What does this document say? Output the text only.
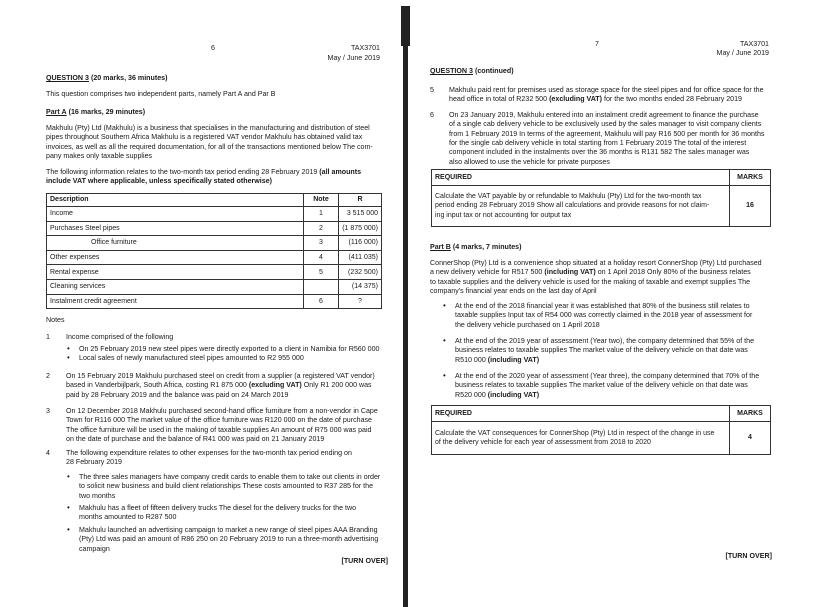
6	TAX3701
May / June 2019
QUESTION 3 (20 marks, 36 minutes)
This question comprises two independent parts, namely Part A and Par B
Part A (16 marks, 29 minutes)
Makhulu (Pty) Ltd (Makhulu) is a business that specialises in the manufacturing and distribution of steel
pipes throughout Southern Africa Makhulu is a registered VAT vendor Makhulu has obtained valid tax
invoices, as well as all the required documentation, for all of the transactions mentioned below The com-
pany makes only taxable supplies
The following information relates to the two-month tax period ending 28 February 2019 (all amounts
include VAT where applicable, unless specifically stated otherwise)
Description	Note	R
Income	1	3 515 000
Purchases Steel pipes	2	(1 875 000)
Office furniture	3	(116 000)
Other expenses	4	(411 035)
Rental expense	5	(232 500)
Cleaning services		(14 375)
Instalment credit agreement	6	?
Notes
1	Income comprised of the following
•	On 25 February 2019 new steel pipes were directly exported to a client in Namibia for R560 000
•	Local sales of newly manufactured steel pipes amounted to R2 955 000
2	On 15 February 2019 Makhulu purchased steel on credit from a supplier (a registered VAT vendor)
based in Vanderbijlpark, South Africa, costing R1 875 000 (excluding VAT) Only R1 200 000 was
paid by 28 February 2019 and the balance was paid on 24 March 2019
3	On 12 December 2018 Makhulu purchased second-hand office furniture from a non-vendor in Cape
Town for R116 000 The market value of the office furniture was R120 000 on the date of purchase
The office furniture will be used in the making of taxable supplies An amount of R75 000 was paid
on the date of purchase and the balance of R41 000 was paid on 21 January 2019
4	The following expenditure relates to other expenses for the two-month tax period ending on
28 February 2019
•	The three sales managers have company credit cards to enable them to take out clients in order
to solicit new business and build client relationships These costs amounted to R37 285 for the
two months
•	Makhulu has a fleet of fifteen delivery trucks The diesel for the delivery trucks for the two
months amounted to R287 500
•	Makhulu launched an advertising campaign to market a new range of steel pipes AAA Branding
(Pty) Ltd was paid an amount of R86 250 on 20 February 2019 to run a three-month advertising
campaign
[TURN OVER]
7	TAX3701
May / June 2019
QUESTION 3 (continued)
5	Makhulu paid rent for premises used as storage space for the steel pipes and for office space for the
head office in total of R232 500 (excluding VAT) for the two months ended 28 February 2019
6	On 23 January 2019, Makhulu entered into an instalment credit agreement to finance the purchase
of a single cab delivery vehicle to be exclusively used by the sales manager to visit company clients
from 1 February 2019 In terms of the agreement, Makhulu will pay R16 500 per month for 36 months
for the single cab delivery vehicle in total starting from 1 February 2019 The total of the interest
component included in the instalments over the 36 months is R131 582 The sales manager was
also allowed to use the vehicle for private purposes
REQUIRED	MARKS

Calculate the VAT payable by or refundable to Makhulu (Pty) Ltd for the two-month tax
period ending 28 February 2019 Show all calculations and provide reasons for not claim-
ing input tax or not accounting for output tax	16
Part B (4 marks, 7 minutes)
ConnerShop (Pty) Ltd is a convenience shop situated at a holiday resort ConnerShop (Pty) Ltd purchased
a new delivery vehicle for R517 500 (including VAT) on 1 April 2018 Only 80% of the business relates
to taxable supplies and the delivery vehicle is used for the making of taxable and exempt supplies The
company's financial year ends on the last day of April
•	At the end of the 2018 financial year it was established that 80% of the business still relates to
taxable supplies Input tax of R54 000 was correctly claimed in the 2018 year of assessment for
the delivery vehicle purchased on 1 April 2018
•	At the end of the 2019 year of assessment (Year two), the company determined that 55% of the
business relates to taxable supplies The market value of the delivery vehicle on that date was
R510 000 (including VAT)
•	At the end of the 2020 year of assessment (Year three), the company determined that 70% of the
business relates to taxable supplies The market value of the delivery vehicle on that date was
R520 000 (including VAT)
REQUIRED	MARKS

Calculate the VAT consequences for ConnerShop (Pty) Ltd in respect of the change in use
of the delivery vehicle for each year of assessment from 2018 to 2020	4
[TURN OVER]
